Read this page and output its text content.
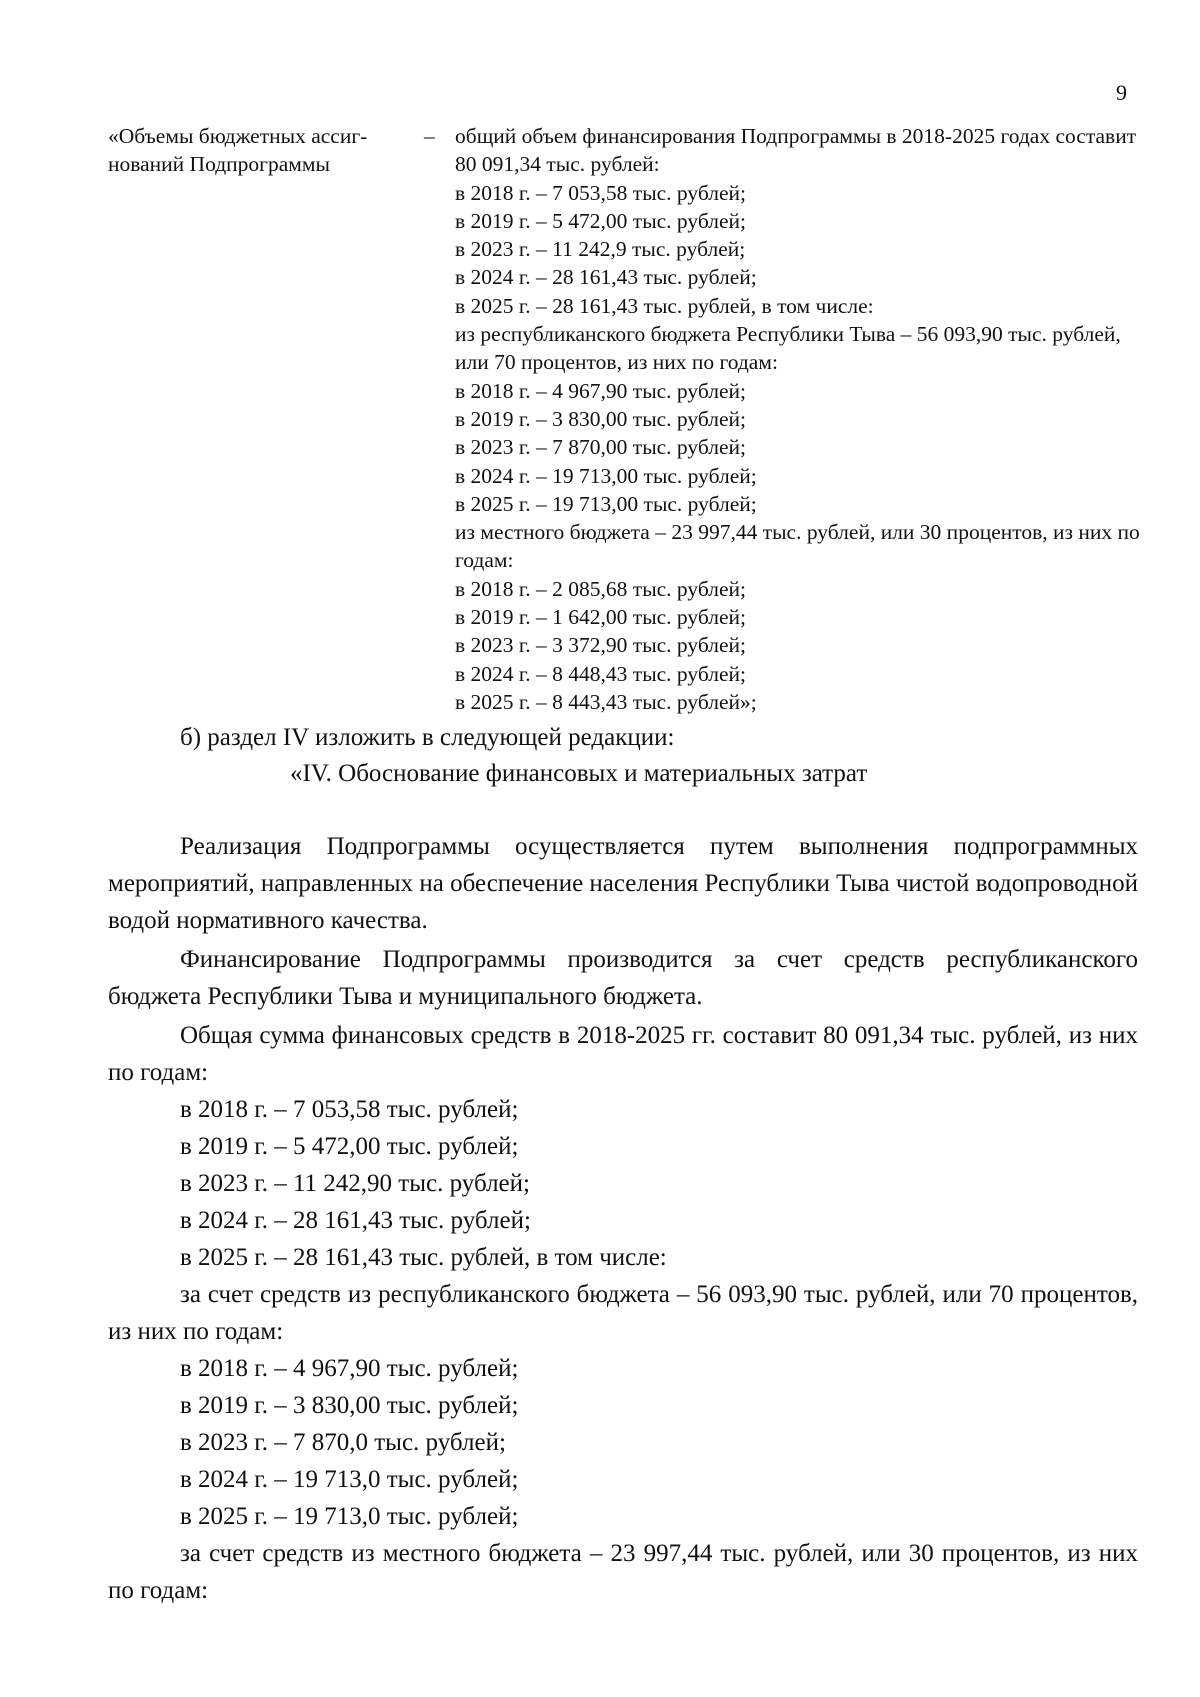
9
«Объемы бюджетных ассиг-нований Подпрограммы
– общий объем финансирования Подпрограммы в 2018-2025 годах составит 80 091,34 тыс. рублей:
в 2018 г. – 7 053,58 тыс. рублей;
в 2019 г. – 5 472,00 тыс. рублей;
в 2023 г. – 11 242,9 тыс. рублей;
в 2024 г. – 28 161,43 тыс. рублей;
в 2025 г. – 28 161,43 тыс. рублей, в том числе:
из республиканского бюджета Республики Тыва – 56 093,90 тыс. рублей, или 70 процентов, из них по годам:
в 2018 г. – 4 967,90 тыс. рублей;
в 2019 г. – 3 830,00 тыс. рублей;
в 2023 г. – 7 870,00 тыс. рублей;
в 2024 г. – 19 713,00 тыс. рублей;
в 2025 г. – 19 713,00 тыс. рублей;
из местного бюджета – 23 997,44 тыс. рублей, или 30 процентов, из них по годам:
в 2018 г. – 2 085,68 тыс. рублей;
в 2019 г. – 1 642,00 тыс. рублей;
в 2023 г. – 3 372,90 тыс. рублей;
в 2024 г. – 8 448,43 тыс. рублей;
в 2025 г. – 8 443,43 тыс. рублей»;
б) раздел IV изложить в следующей редакции:
«IV. Обоснование финансовых и материальных затрат

Реализация Подпрограммы осуществляется путем выполнения подпрограммных мероприятий, направленных на обеспечение населения Республики Тыва чистой водопроводной водой нормативного качества.

Финансирование Подпрограммы производится за счет средств республиканского бюджета Республики Тыва и муниципального бюджета.

Общая сумма финансовых средств в 2018-2025 гг. составит 80 091,34 тыс. рублей, из них по годам:

в 2018 г. – 7 053,58 тыс. рублей;

в 2019 г. – 5 472,00 тыс. рублей;

в 2023 г. – 11 242,90 тыс. рублей;

в 2024 г. – 28 161,43 тыс. рублей;

в 2025 г. – 28 161,43 тыс. рублей, в том числе:

за счет средств из республиканского бюджета – 56 093,90 тыс. рублей, или 70 процентов, из них по годам:

в 2018 г. – 4 967,90 тыс. рублей;

в 2019 г. – 3 830,00 тыс. рублей;

в 2023 г. – 7 870,0 тыс. рублей;

в 2024 г. – 19 713,0 тыс. рублей;

в 2025 г. – 19 713,0 тыс. рублей;

за счет средств из местного бюджета – 23 997,44 тыс. рублей, или 30 процентов, из них по годам:
